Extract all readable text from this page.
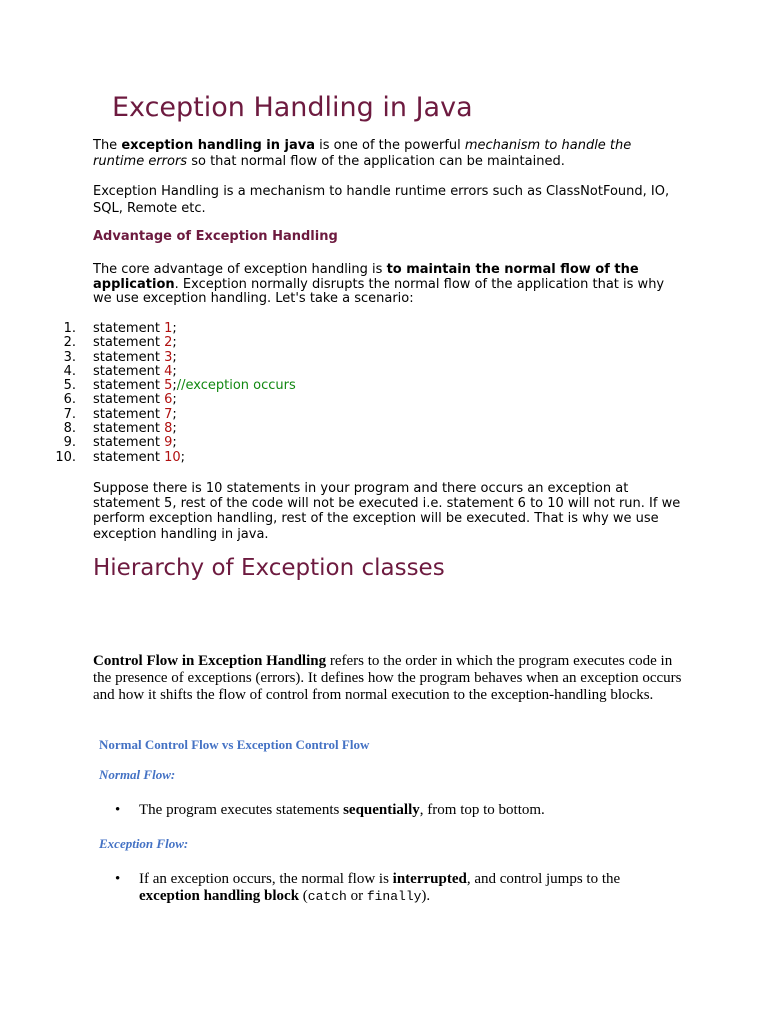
Exception Handling in Java

The exception handling in java is one of the powerful mechanism to handle the runtime errors so that normal flow of the application can be maintained.

Exception Handling is a mechanism to handle runtime errors such as ClassNotFound, IO, SQL, Remote etc.

Advantage of Exception Handling

The core advantage of exception handling is to maintain the normal flow of the application. Exception normally disrupts the normal flow of the application that is why we use exception handling. Let's take a scenario:

1. statement 1;
2. statement 2;
3. statement 3;
4. statement 4;
5. statement 5;//exception occurs
6. statement 6;
7. statement 7;
8. statement 8;
9. statement 9;
10. statement 10;

Suppose there is 10 statements in your program and there occurs an exception at statement 5, rest of the code will not be executed i.e. statement 6 to 10 will not run. If we perform exception handling, rest of the exception will be executed. That is why we use exception handling in java.

Hierarchy of Exception classes

Control Flow in Exception Handling refers to the order in which the program executes code in the presence of exceptions (errors). It defines how the program behaves when an exception occurs and how it shifts the flow of control from normal execution to the exception-handling blocks.

Normal Control Flow vs Exception Control Flow
Normal Flow:
• The program executes statements sequentially, from top to bottom.
Exception Flow:
• If an exception occurs, the normal flow is interrupted, and control jumps to the exception handling block (catch or finally).
